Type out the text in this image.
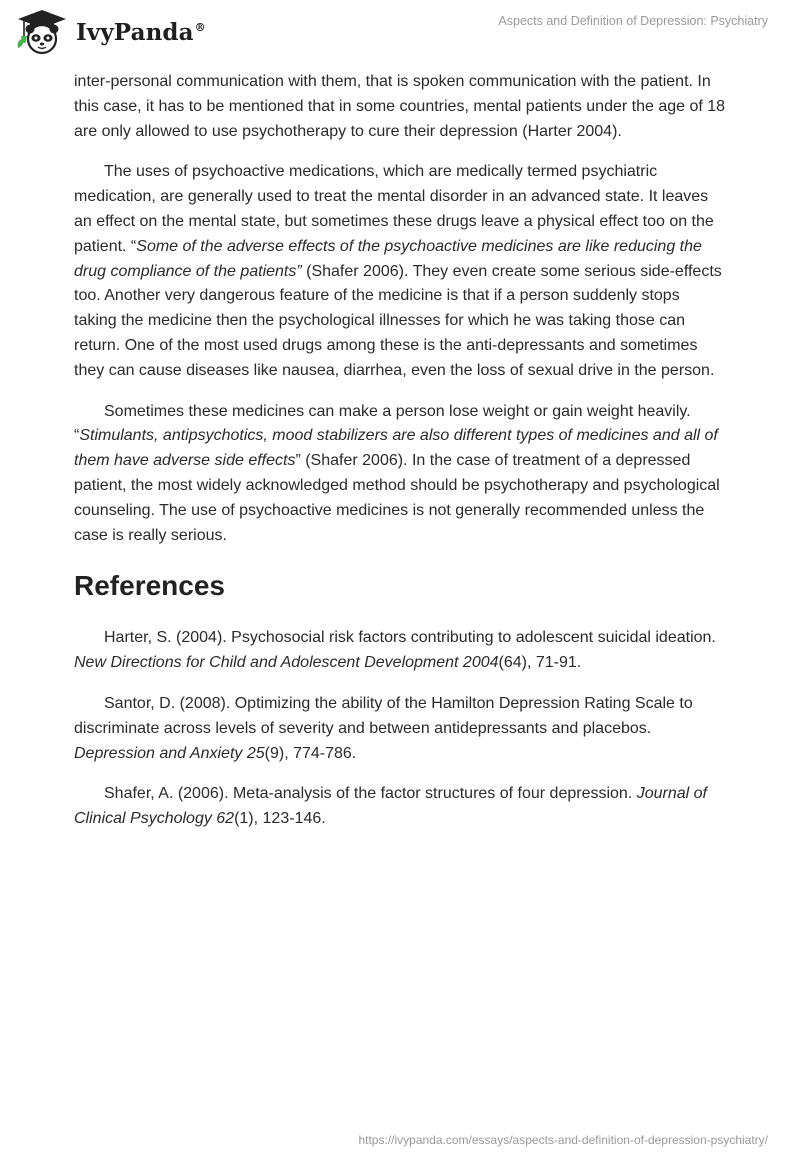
IvyPanda®	Aspects and Definition of Depression: Psychiatry

inter-personal communication with them, that is spoken communication with the patient. In this case, it has to be mentioned that in some countries, mental patients under the age of 18 are only allowed to use psychotherapy to cure their depression (Harter 2004).

The uses of psychoactive medications, which are medically termed psychiatric medication, are generally used to treat the mental disorder in an advanced state. It leaves an effect on the mental state, but sometimes these drugs leave a physical effect too on the patient. “Some of the adverse effects of the psychoactive medicines are like reducing the drug compliance of the patients” (Shafer 2006). They even create some serious side-effects too. Another very dangerous feature of the medicine is that if a person suddenly stops taking the medicine then the psychological illnesses for which he was taking those can return. One of the most used drugs among these is the anti-depressants and sometimes they can cause diseases like nausea, diarrhea, even the loss of sexual drive in the person.

Sometimes these medicines can make a person lose weight or gain weight heavily. “Stimulants, antipsychotics, mood stabilizers are also different types of medicines and all of them have adverse side effects” (Shafer 2006). In the case of treatment of a depressed patient, the most widely acknowledged method should be psychotherapy and psychological counseling. The use of psychoactive medicines is not generally recommended unless the case is really serious.

References

Harter, S. (2004). Psychosocial risk factors contributing to adolescent suicidal ideation. New Directions for Child and Adolescent Development 2004(64), 71-91.

Santor, D. (2008). Optimizing the ability of the Hamilton Depression Rating Scale to discriminate across levels of severity and between antidepressants and placebos. Depression and Anxiety 25(9), 774-786.

Shafer, A. (2006). Meta-analysis of the factor structures of four depression. Journal of Clinical Psychology 62(1), 123-146.

https://ivypanda.com/essays/aspects-and-definition-of-depression-psychiatry/
